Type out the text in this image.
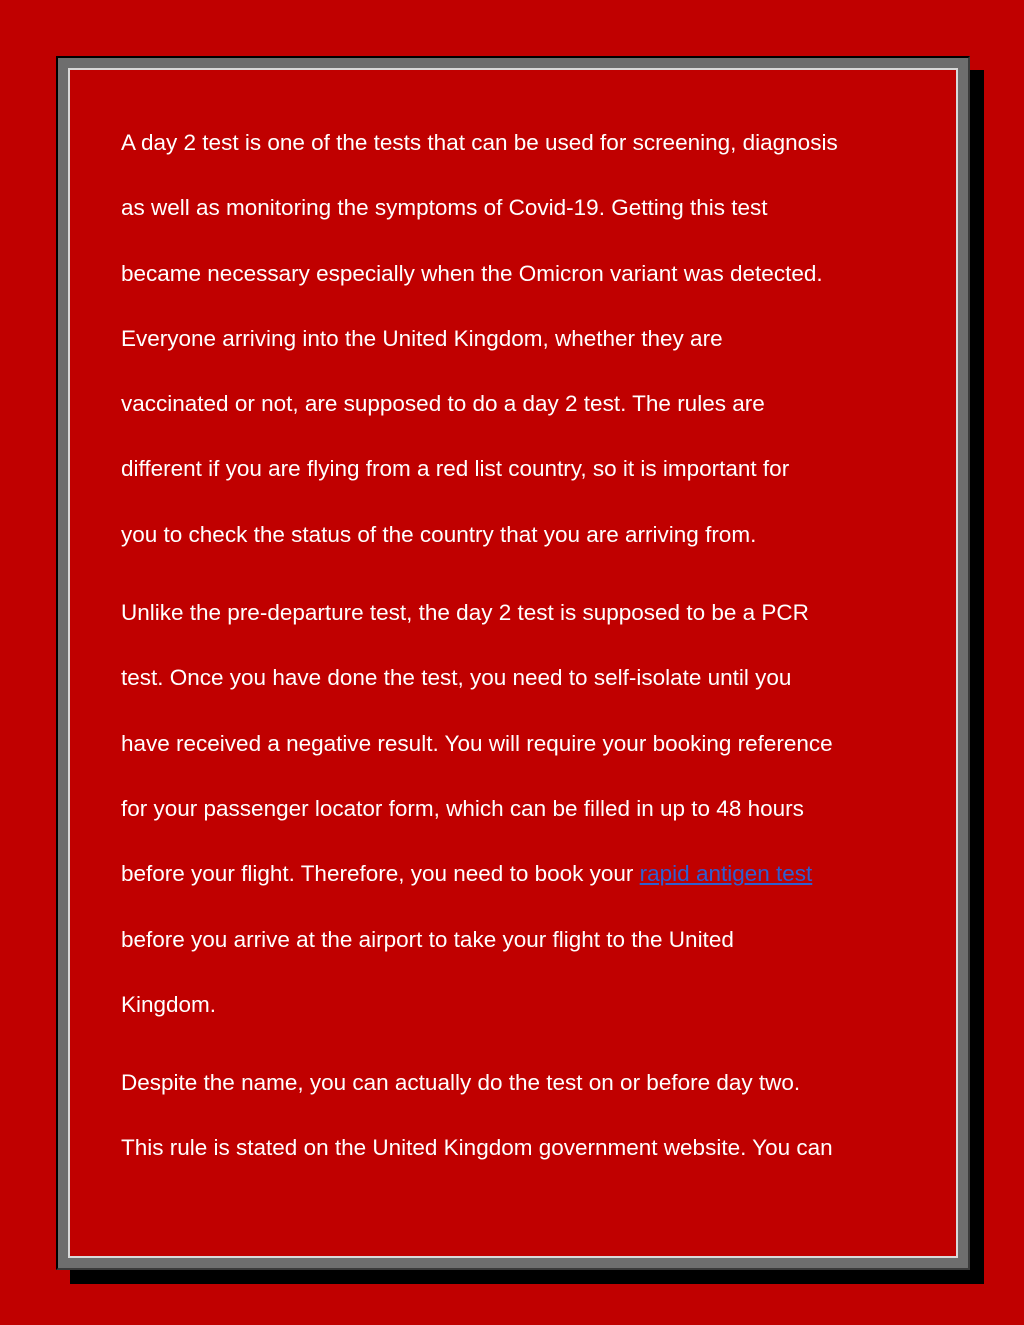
A day 2 test is one of the tests that can be used for screening, diagnosis
as well as monitoring the symptoms of Covid-19. Getting this test
became necessary especially when the Omicron variant was detected.
Everyone arriving into the United Kingdom, whether they are
vaccinated or not, are supposed to do a day 2 test. The rules are
different if you are flying from a red list country, so it is important for
you to check the status of the country that you are arriving from.
Unlike the pre-departure test, the day 2 test is supposed to be a PCR
test. Once you have done the test, you need to self-isolate until you
have received a negative result. You will require your booking reference
for your passenger locator form, which can be filled in up to 48 hours
before your flight. Therefore, you need to book your rapid antigen test
before you arrive at the airport to take your flight to the United
Kingdom.
Despite the name, you can actually do the test on or before day two.
This rule is stated on the United Kingdom government website. You can
